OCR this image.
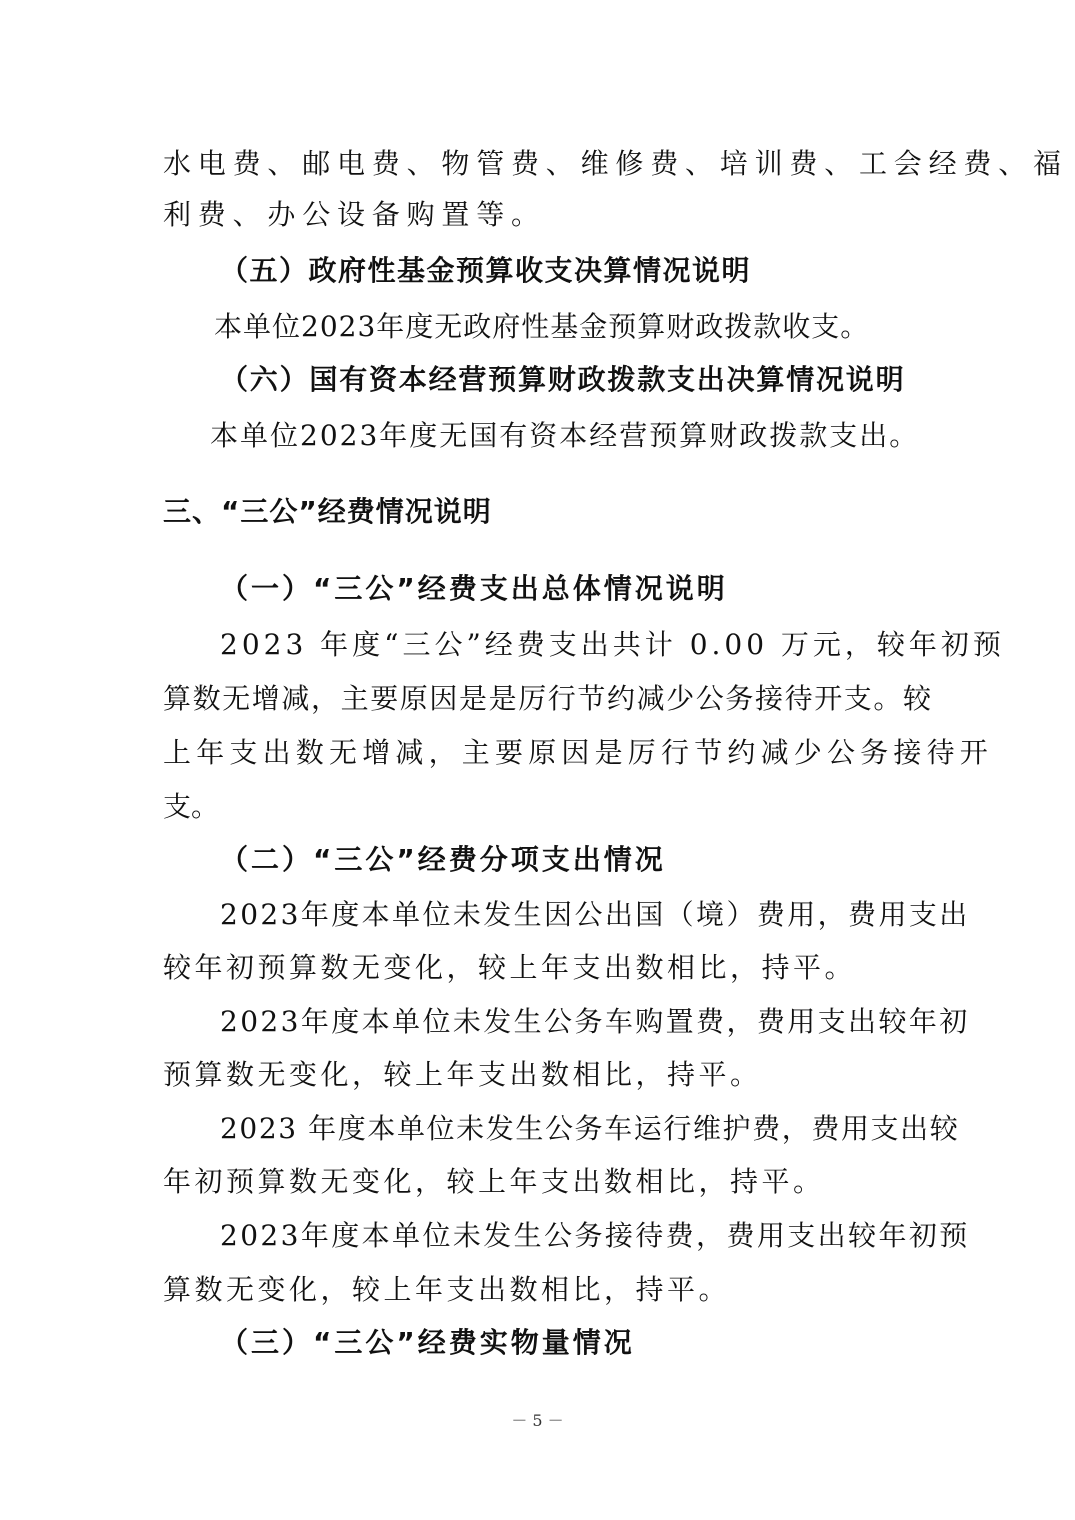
水电费、邮电费、物管费、维修费、培训费、工会经费、福
利费、办公设备购置等。
（五）政府性基金预算收支决算情况说明
本单位2023年度无政府性基金预算财政拨款收支。
（六）国有资本经营预算财政拨款支出决算情况说明
本单位2023年度无国有资本经营预算财政拨款支出。
三、“三公”经费情况说明
（一）“三公”经费支出总体情况说明
2023 年度“三公”经费支出共计 0.00 万元，较年初预
算数无增减，主要原因是是厉行节约减少公务接待开支。较
上年支出数无增减，主要原因是厉行节约减少公务接待开
支。
（二）“三公”经费分项支出情况
2023年度本单位未发生因公出国（境）费用，费用支出
较年初预算数无变化，较上年支出数相比，持平。
2023年度本单位未发生公务车购置费，费用支出较年初
预算数无变化，较上年支出数相比，持平。
2023 年度本单位未发生公务车运行维护费，费用支出较
年初预算数无变化，较上年支出数相比，持平。
2023年度本单位未发生公务接待费，费用支出较年初预
算数无变化，较上年支出数相比，持平。
（三）“三公”经费实物量情况
－ 5 －
